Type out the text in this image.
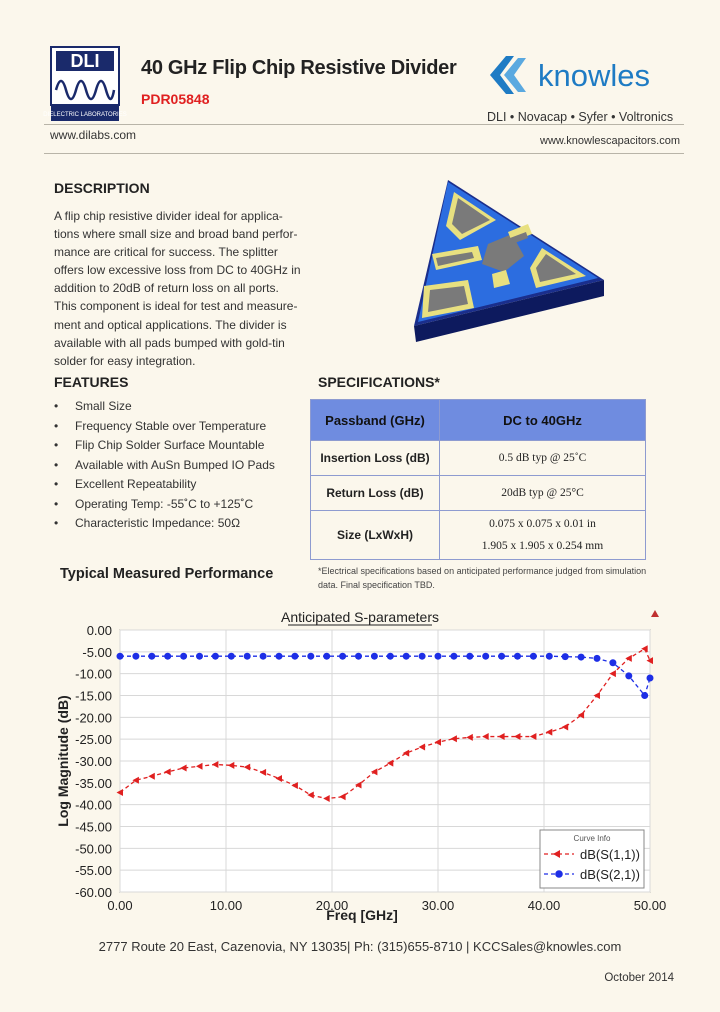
DLI
DIELECTRIC LABORATORIES
www.dilabs.com
40 GHz Flip Chip Resistive Divider
PDR05848
knowles
DLI • Novacap • Syfer • Voltronics
www.knowlescapacitors.com
DESCRIPTION
A flip chip resistive divider ideal for applica-
tions where small size and broad band perfor-
mance are critical for success. The splitter
offers low excessive loss from DC to 40GHz in
addition to 20dB of return loss on all ports.
This component is ideal for test and measure-
ment and optical applications. The divider is
available with all pads bumped with gold-tin
solder for easy integration.
FEATURES
• Small Size
• Frequency Stable over Temperature
• Flip Chip Solder Surface Mountable
• Available with AuSn Bumped IO Pads
• Excellent Repeatability
• Operating Temp: -55˚C to +125˚C
• Characteristic Impedance: 50Ω
SPECIFICATIONS*
Passband (GHz)	DC to 40GHz
Insertion Loss (dB)	0.5 dB typ @ 25˚C
Return Loss (dB)	20dB typ @ 25°C
Size (LxWxH)	0.075 x 0.075 x 0.01 in
1.905 x 1.905 x 0.254 mm
*Electrical specifications based on anticipated performance judged from simulation
data. Final specification TBD.
Typical Measured Performance
Anticipated S-parameters
0.00	10.00	20.00	30.00	40.00	50.00
0.00
-5.00
-10.00
-15.00
-20.00
-25.00
-30.00
-35.00
-40.00
-45.00
-50.00
-55.00
-60.00
Freq [GHz]
Log Magnitude (dB)
Curve Info
dB(S(1,1))
dB(S(2,1))
2777 Route 20 East, Cazenovia, NY 13035| Ph: (315)655-8710 | KCCSales@knowles.com
October 2014
